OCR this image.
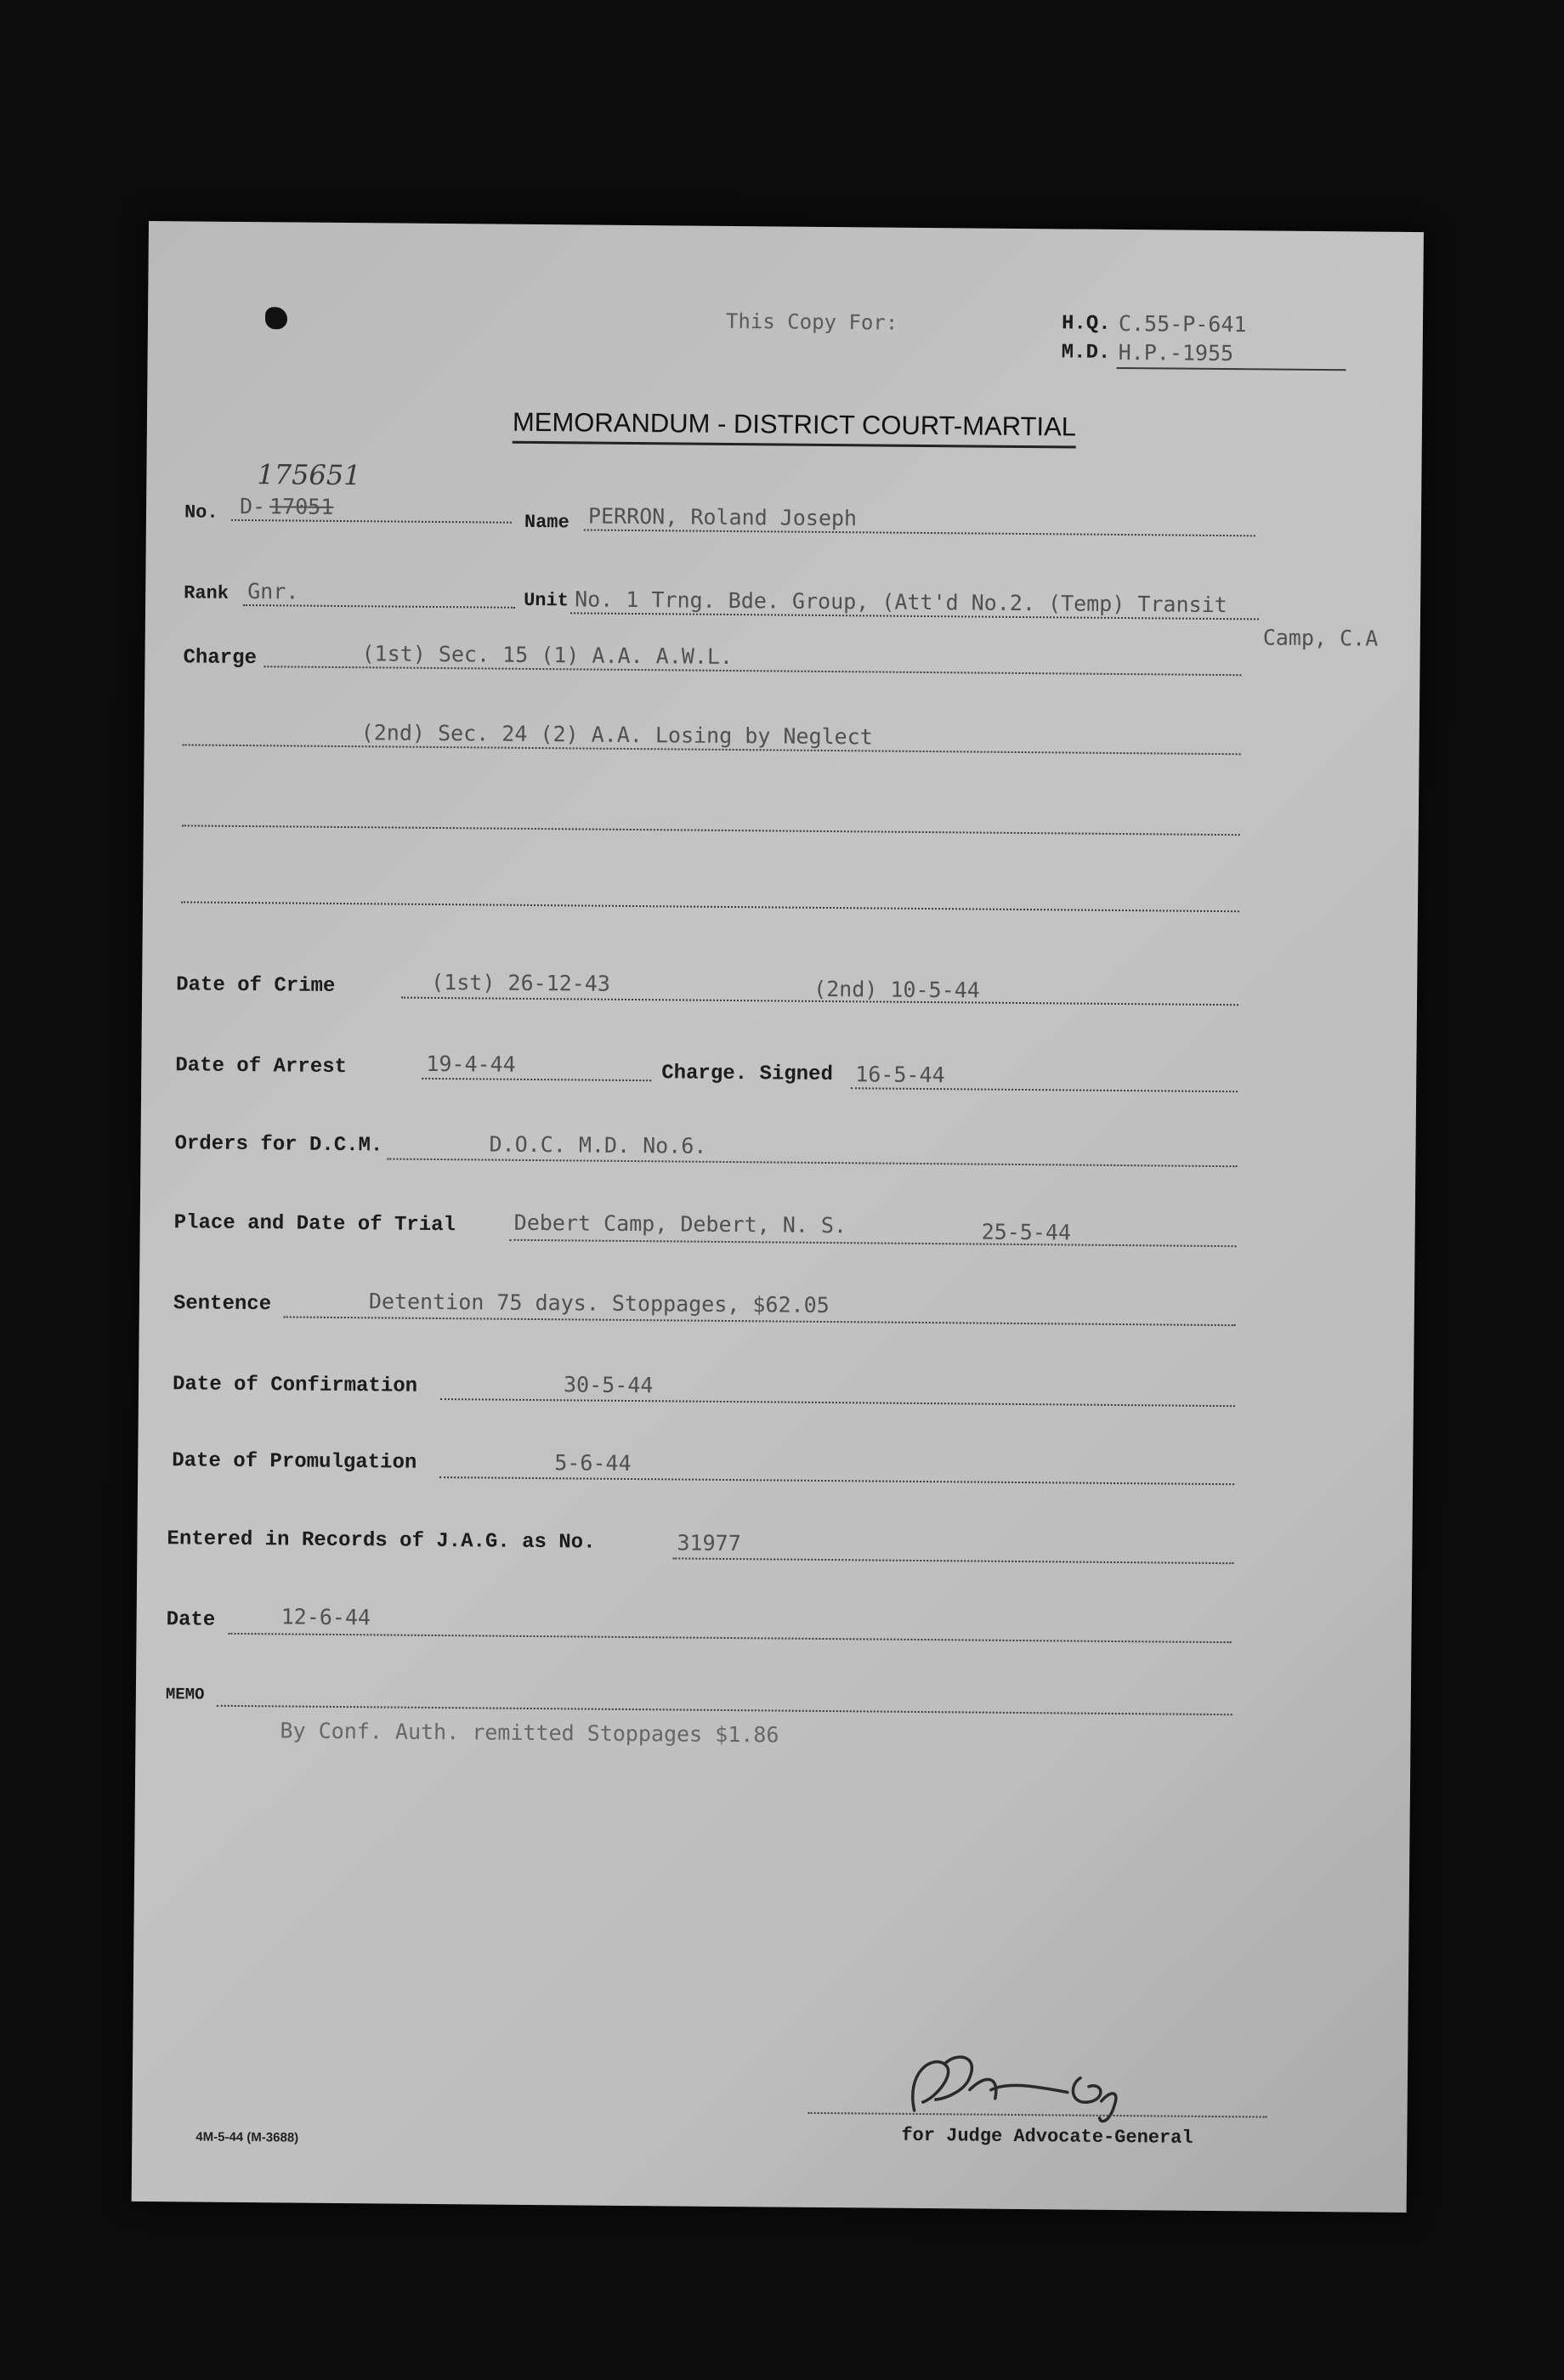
This Copy For:	H.Q. C.55-P-641
M.D. H.P.-1955
MEMORANDUM - DISTRICT COURT-MARTIAL
No. D- 17051
175651
Name PERRON, Roland Joseph
Rank Gnr.	Unit No. 1 Trng. Bde. Group, (Att'd No.2. (Temp) Transit
Camp, C.A
Charge	(1st) Sec. 15 (1) A.A. A.W.L.
(2nd) Sec. 24 (2) A.A. Losing by Neglect
Date of Crime	(1st) 26-12-43	(2nd) 10-5-44
Date of Arrest	19-4-44	Charge. Signed 16-5-44
Orders for D.C.M.	D.O.C. M.D. No.6.
Place and Date of Trial	Debert Camp, Debert, N. S.	25-5-44
Sentence	Detention 75 days. Stoppages, $62.05
Date of Confirmation	30-5-44
Date of Promulgation	5-6-44
Entered in Records of J.A.G. as No.	31977
Date	12-6-44
MEMO
By Conf. Auth. remitted Stoppages $1.86
for Judge Advocate-General
4M-5-44 (M-3688)
